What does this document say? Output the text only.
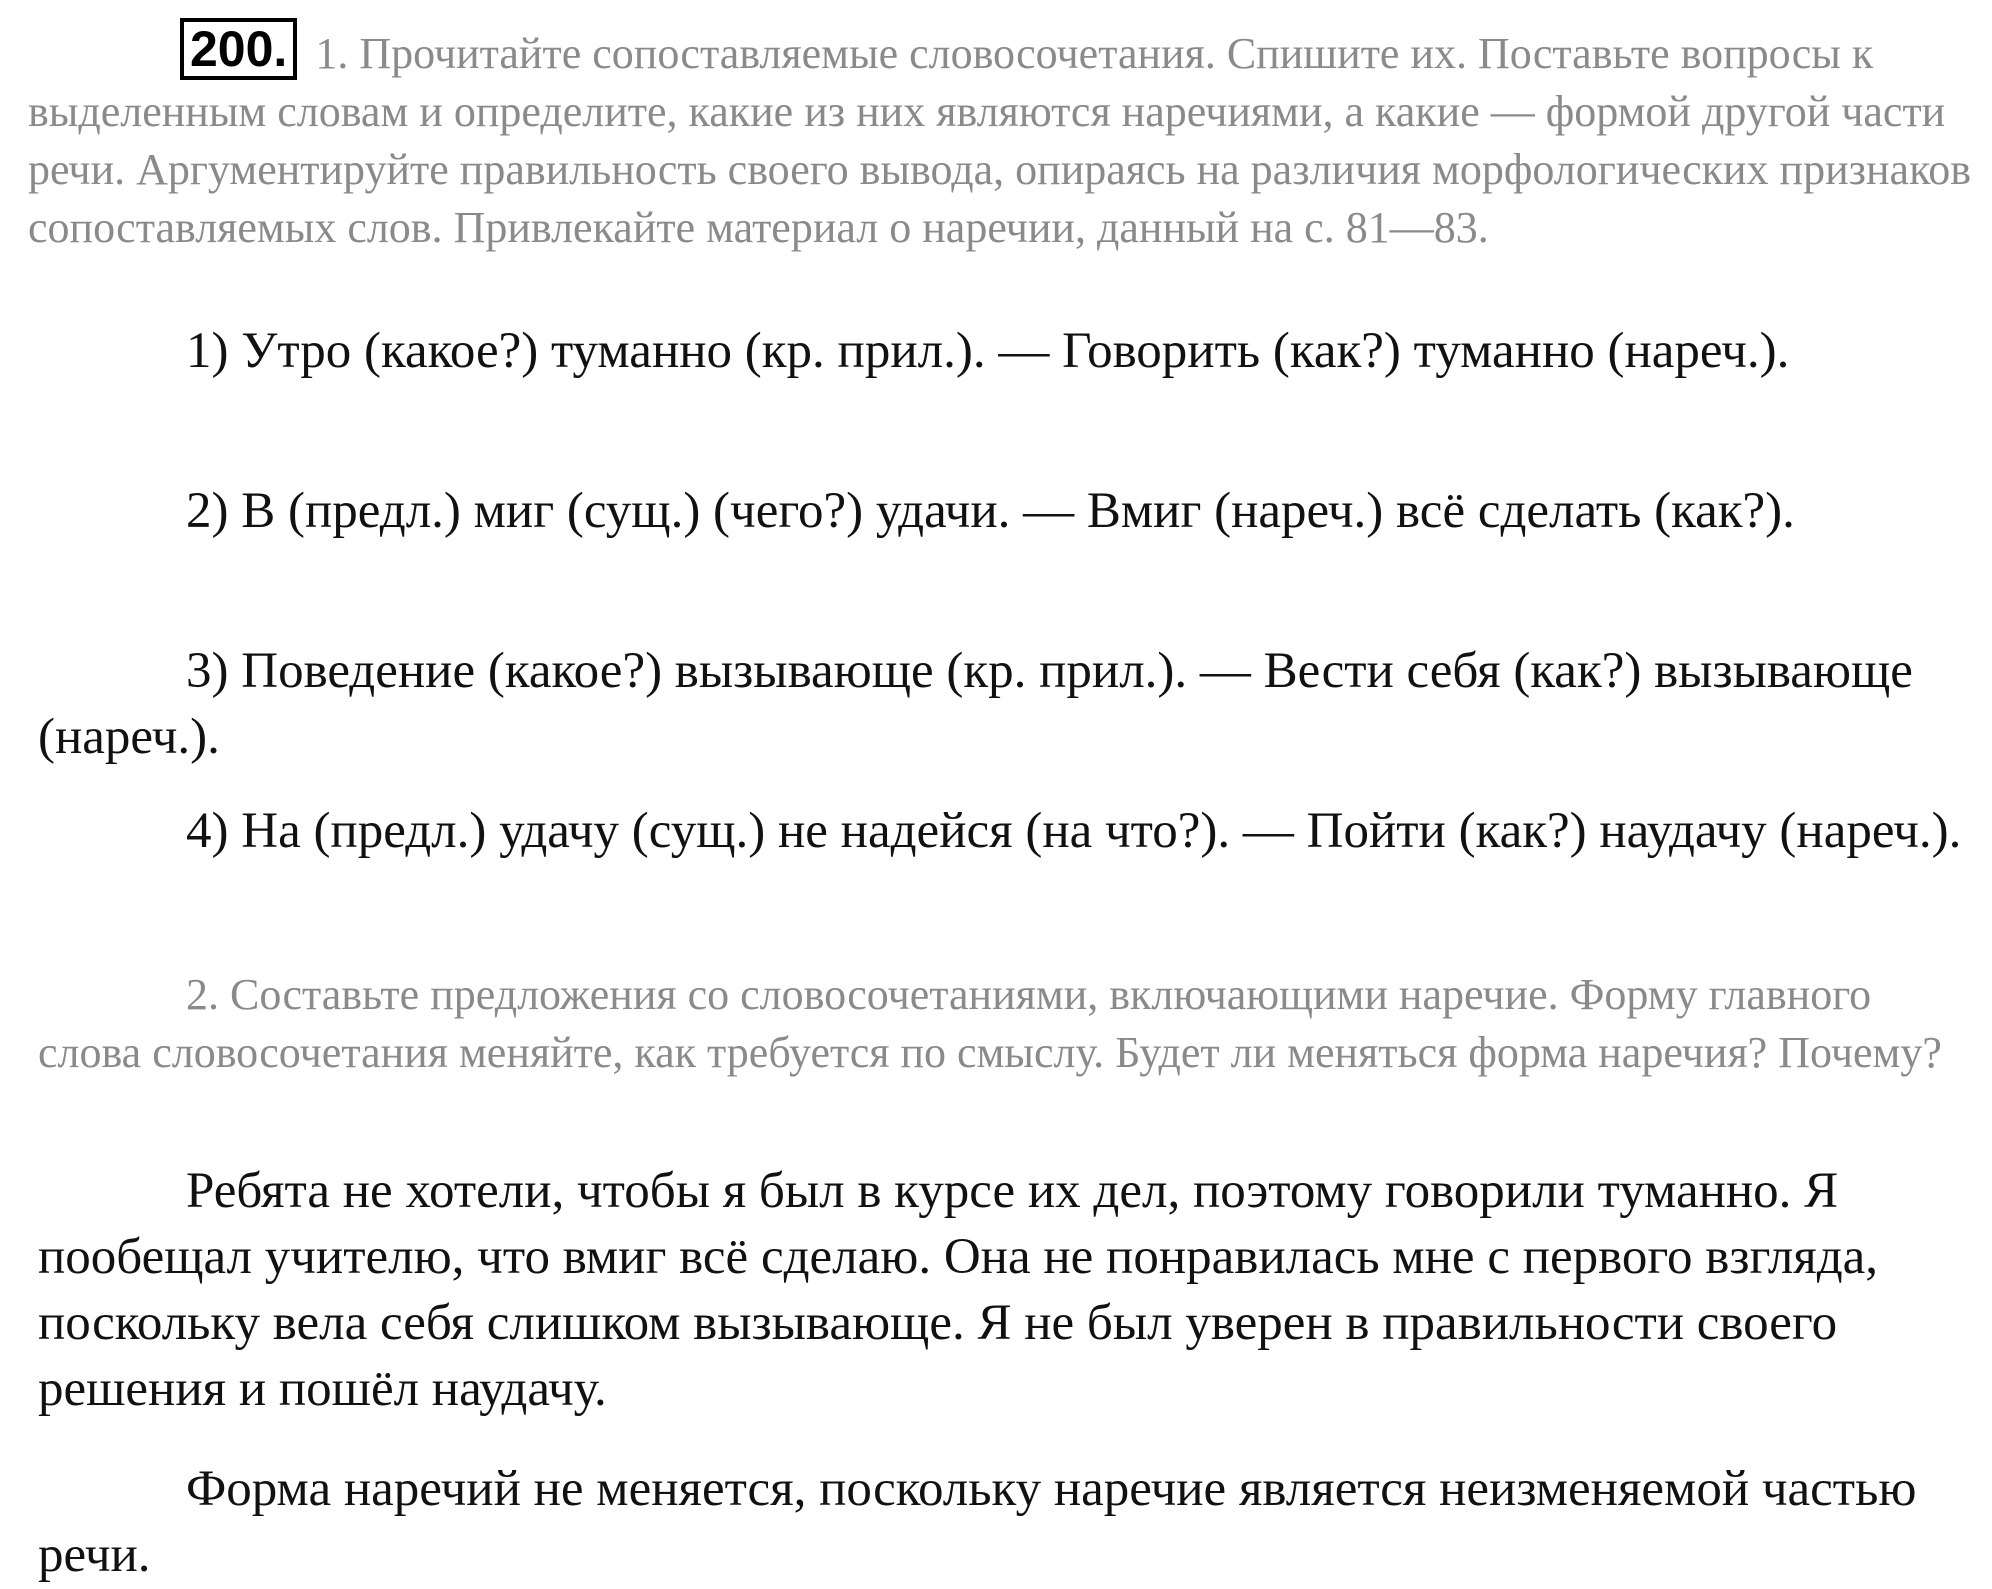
200. 1. Прочитайте сопоставляемые словосочетания. Спишите их. Поставьте вопросы к выделенным словам и определите, какие из них являются наречиями, а какие — формой другой части речи. Аргументируйте правильность своего вывода, опираясь на различия морфологических признаков сопоставляемых слов. Привлекайте материал о наречии, данный на с. 81—83.
1) Утро (какое?) туманно (кр. прил.). — Говорить (как?) туманно (нареч.).
2) В (предл.) миг (сущ.) (чего?) удачи. — Вмиг (нареч.) всё сделать (как?).
3) Поведение (какое?) вызывающе (кр. прил.). — Вести себя (как?) вызывающе (нареч.).
4) На (предл.) удачу (сущ.) не надейся (на что?). — Пойти (как?) наудачу (нареч.).
2. Составьте предложения со словосочетаниями, включающими наречие. Форму главного слова словосочетания меняйте, как требуется по смыслу. Будет ли меняться форма наречия? Почему?
Ребята не хотели, чтобы я был в курсе их дел, поэтому говорили туманно. Я пообещал учителю, что вмиг всё сделаю. Она не понравилась мне с первого взгляда, поскольку вела себя слишком вызывающе. Я не был уверен в правильности своего решения и пошёл наудачу.
Форма наречий не меняется, поскольку наречие является неизменяемой частью речи.
